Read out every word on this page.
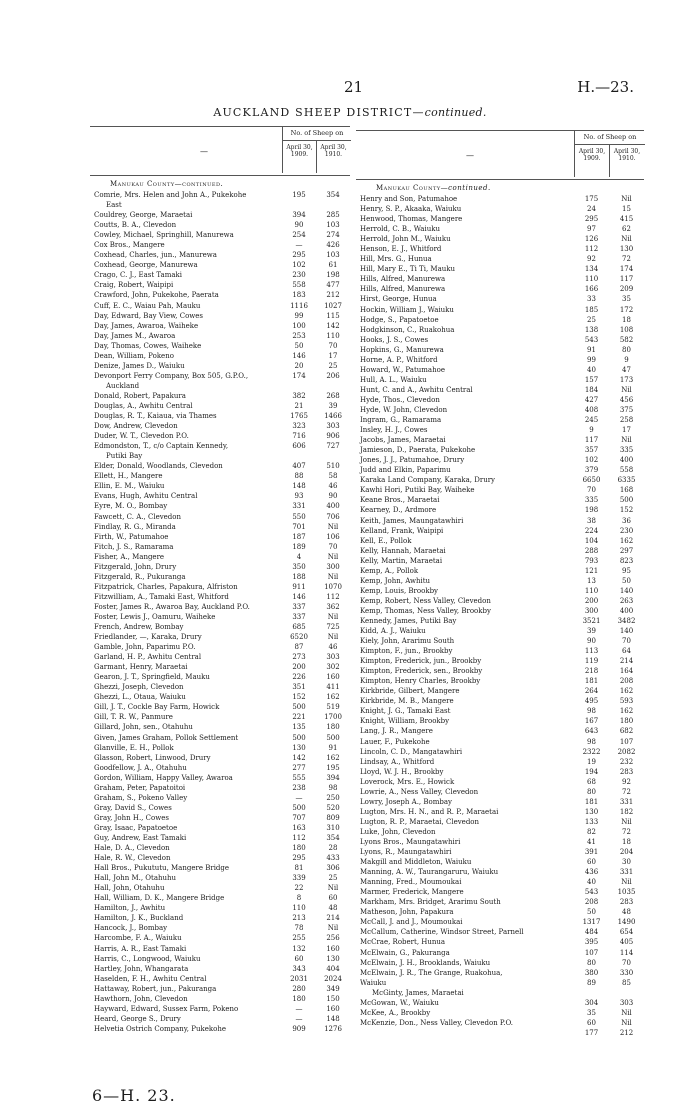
21	H.—23.
AUCKLAND SHEEP DISTRICT—continued.
—
No. of Sheep on
April 30, 1909.
April 30, 1910.
Manukau County—continued.
Comrie, Mrs. Helen and John A., Pukekohe	195	354
East
Couldrey, George, Maraetai	394	285
Coutts, B. A., Clevedon	90	103
Cowley, Michael, Springhill, Manurewa	254	274
Cox Bros., Mangere	—	426
Coxhead, Charles, jun., Manurewa	295	103
Coxhead, George, Manurewa	102	61
Crago, C. J., East Tamaki	230	198
Craig, Robert, Waipipi	558	477
Crawford, John, Pukekohe, Paerata	183	212
Cuff, E. C., Waiau Pah, Mauku	1116	1027
Day, Edward, Bay View, Cowes	99	115
Day, James, Awaroa, Waiheke	100	142
Day, James M., Awaroa	253	110
Day, Thomas, Cowes, Waiheke	50	70
Dean, William, Pokeno	146	17
Denize, James D., Waiuku	20	25
Devonport Ferry Company, Box 505, G.P.O.,	174	206
Auckland
Donald, Robert, Papakura	382	268
Douglas, A., Awhitu Central	21	39
Douglas, R. T., Kaiaua, via Thames	1765	1466
Dow, Andrew, Clevedon	323	303
Duder, W. T., Clevedon P.O.	716	906
Edmondston, T., c/o Captain Kennedy,	606	727
Putiki Bay
Elder, Donald, Woodlands, Clevedon	407	510
Ellett, H., Mangere	88	58
Ellin, E. M., Waiuku	148	46
Evans, Hugh, Awhitu Central	93	90
Eyre, M. O., Bombay	331	400
Fawcett, C. A., Clevedon	550	706
Findlay, R. G., Miranda	701	Nil
Firth, W., Patumahoe	187	106
Fitch, J. S., Ramarama	189	70
Fisher, A., Mangere	4	Nil
Fitzgerald, John, Drury	350	300
Fitzgerald, R., Pukuranga	188	Nil
Fitzpatrick, Charles, Papakura, Alfriston	911	1070
Fitzwilliam, A., Tamaki East, Whitford	146	112
Foster, James R., Awaroa Bay, Auckland P.O.	337	362
Foster, Lewis J., Oamuru, Waiheke	337	Nil
French, Andrew, Bombay	685	725
Friedlander, —, Karaka, Drury	6520	Nil
Gamble, John, Paparimu P.O.	87	46
Garland, H. P., Awhitu Central	273	303
Garmant, Henry, Maraetai	200	302
Gearon, J. T., Springfield, Mauku	226	160
Ghezzi, Joseph, Clevedon	351	411
Ghezzi, L., Otaua, Waiuku	152	162
Gill, J. T., Cockle Bay Farm, Howick	500	519
Gill, T. R. W., Panmure	221	1700
Gillard, John, sen., Otahuhu	135	180
Given, James Graham, Pollok Settlement	500	500
Glanville, E. H., Pollok	130	91
Glasson, Robert, Linwood, Drury	142	162
Goodfellow, J. A., Otahuhu	277	195
Gordon, William, Happy Valley, Awaroa	555	394
Graham, Peter, Papatoitoi	238	98
Graham, S., Pokeno Valley	—	250
Gray, David S., Cowes	500	520
Gray, John H., Cowes	707	809
Gray, Isaac, Papatoetoe	163	310
Guy, Andrew, East Tamaki	112	354
Hale, D. A., Clevedon	180	28
Hale, R. W., Clevedon	295	433
Hall Bros., Pukututu, Mangere Bridge	81	306
Hall, John M., Otahuhu	339	25
Hall, John, Otahuhu	22	Nil
Hall, William, D. K., Mangere Bridge	8	60
Hamilton, J., Awhitu	110	48
Hamilton, J. K., Buckland	213	214
Hancock, J., Bombay	78	Nil
Harcombe, F. A., Waiuku	255	256
Harris, A. R., East Tamaki	132	160
Harris, C., Longwood, Waiuku	60	130
Hartley, John, Whangarata	343	404
Haselden, F. H., Awhitu Central	2031	2024
Hattaway, Robert, jun., Pakuranga	280	349
Hawthorn, John, Clevedon	180	150
Hayward, Edward, Sussex Farm, Pokeno	—	160
Heard, George S., Drury	—	148
Helvetia Ostrich Company, Pukekohe	909	1276
—
No. of Sheep on
April 30, 1909.
April 30, 1910.
Manukau County—continued.
Henry and Son, Patumahoe	175	Nil
Henry, S. P., Akaaka, Waiuku	24	15
Henwood, Thomas, Mangere	295	415
Herrold, C. B., Waiuku	97	62
Herrold, John M., Waiuku	126	Nil
Henson, E. J., Whitford	112	130
Hill, Mrs. G., Hunua	92	72
Hill, Mary E., Ti Ti, Mauku	134	174
Hills, Alfred, Manurewa	110	117
Hills, Alfred, Manurewa	166	209
Hirst, George, Hunua	33	35
Hockin, William J., Waiuku	185	172
Hodge, S., Papatoetoe	25	18
Hodgkinson, C., Ruakohua	138	108
Hooks, J. S., Cowes	543	582
Hopkins, G., Manurewa	91	80
Horne, A. P., Whitford	99	9
Howard, W., Patumahoe	40	47
Hull, A. L., Waiuku	157	173
Hunt, C. and A., Awhitu Central	184	Nil
Hyde, Thos., Clevedon	427	456
Hyde, W. John, Clevedon	408	375
Ingram, G., Ramarama	245	258
Insley, H. J., Cowes	9	17
Jacobs, James, Maraetai	117	Nil
Jamieson, D., Paerata, Pukekohe	357	335
Jones, J. J., Patumahoe, Drury	102	400
Judd and Elkin, Paparimu	379	558
Karaka Land Company, Karaka, Drury	6650	6335
Kawhi Hori, Putiki Bay, Waiheke	70	168
Keane Bros., Maraetai	335	500
Kearney, D., Ardmore	198	152
Keith, James, Maungatawhiri	38	36
Kelland, Frank, Waipipi	224	230
Kell, E., Pollok	104	162
Kelly, Hannah, Maraetai	288	297
Kelly, Martin, Maraetai	793	823
Kemp, A., Pollok	121	95
Kemp, John, Awhitu	13	50
Kemp, Louis, Brookby	110	140
Kemp, Robert, Ness Valley, Clevedon	200	263
Kemp, Thomas, Ness Valley, Brookby	300	400
Kennedy, James, Putiki Bay	3521	3482
Kidd, A. J., Waiuku	39	140
Kiely, John, Ararimu South	90	70
Kimpton, F., jun., Brookby	113	64
Kimpton, Frederick, jun., Brookby	119	214
Kimpton, Frederick, sen., Brookby	218	164
Kimpton, Henry Charles, Brookby	181	208
Kirkbride, Gilbert, Mangere	264	162
Kirkbride, M. B., Mangere	495	593
Knight, J. G., Tamaki East	98	162
Knight, William, Brookby	167	180
Lang, J. R., Mangere	643	682
Lauer, F., Pukekohe	98	107
Lincoln, C. D., Mangatawhiri	2322	2082
Lindsay, A., Whitford	19	232
Lloyd, W. J. H., Brookby	194	283
Loverock, Mrs. E., Howick	68	92
Lowrie, A., Ness Valley, Clevedon	80	72
Lowry, Joseph A., Bombay	181	331
Lugton, Mrs. H. N., and R. P., Maraetai	130	182
Lugton, R. P., Maraetai, Clevedon	133	Nil
Luke, John, Clevedon	82	72
Lyons Bros., Maungatawhiri	41	18
Lyons, R., Maungatawhiri	391	204
Makgill and Middleton, Waiuku	60	30
Manning, A. W., Taurangaruru, Waiuku	436	331
Manning, Fred., Moumoukai	40	Nil
Marmer, Frederick, Mangere	543	1035
Markham, Mrs. Bridget, Ararimu South	208	283
Matheson, John, Papakura	50	48
McCall, J. and J., Moumoukai	1317	1490
McCallum, Catherine, Windsor Street, Parnell	484	654
McCrae, Robert, Hunua	395	405
McElwain, G., Pakuranga	107	114
McElwain, J. H., Brooklands, Waiuku	80	70
McElwain, J. R., The Grange, Ruakohua,	380	330
Waiuku	89	85
McGinty, James, Maraetai
McGowan, W., Waiuku	304	303
McKee, A., Brookby	35	Nil
McKenzie, Don., Ness Valley, Clevedon P.O.	60	Nil
177	212
6—H. 23.
